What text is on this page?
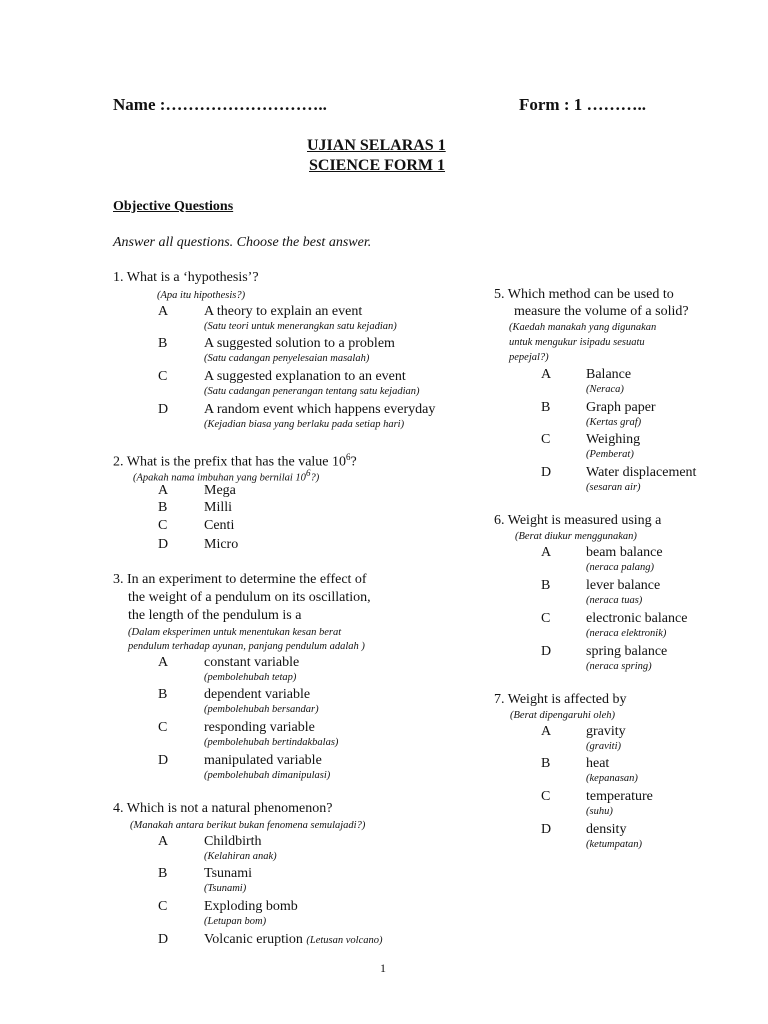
Name :………………………..	Form : 1 ………..
UJIAN SELARAS 1
SCIENCE FORM 1
Objective Questions
Answer all questions. Choose the best answer.
1. What is a ‘hypothesis’?
(Apa itu hipothesis?)
A	A theory to explain an event
(Satu teori untuk menerangkan satu kejadian)
B	A suggested solution to a problem
(Satu cadangan penyelesaian masalah)
C	A suggested explanation to an event
(Satu cadangan penerangan tentang satu kejadian)
D	A random event which happens everyday
(Kejadian biasa yang berlaku pada setiap hari)
2. What is the prefix that has the value $10^6$?
(Apakah nama imbuhan yang bernilai $10^6$?)
A	Mega
B	Milli
C	Centi
D	Micro
3. In an experiment to determine the effect of
the weight of a pendulum on its oscillation,
the length of the pendulum is a
(Dalam eksperimen untuk menentukan kesan berat
pendulum terhadap ayunan, panjang pendulum adalah )
A	constant variable
(pembolehubah tetap)
B	dependent variable
(pembolehubah bersandar)
C	responding variable
(pembolehubah bertindakbalas)
D	manipulated variable
(pembolehubah dimanipulasi)
4. Which is not a natural phenomenon?
(Manakah antara berikut bukan fenomena semulajadi?)
A	Childbirth
(Kelahiran anak)
B	Tsunami
(Tsunami)
C	Exploding bomb
(Letupan bom)
D	Volcanic eruption (Letusan volcano)
5. Which method can be used to
measure the volume of a solid?
(Kaedah manakah yang digunakan
untuk mengukur isipadu sesuatu
pepejal?)
A Balance
(Neraca)
B	Graph paper
(Kertas graf)
C	Weighing
(Pemberat)
D Water displacement
(sesaran air)
6. Weight is measured using a
(Berat diukur menggunakan)
A beam balance
(neraca palang)
B	lever balance
(neraca tuas)
C	electronic balance
(neraca elektronik)
D spring balance
(neraca spring)
7. Weight is affected by
(Berat dipengaruhi oleh)
A gravity
(graviti)
B	heat
(kepanasan)
C	temperature
(suhu)
D density
(ketumpatan)
1
